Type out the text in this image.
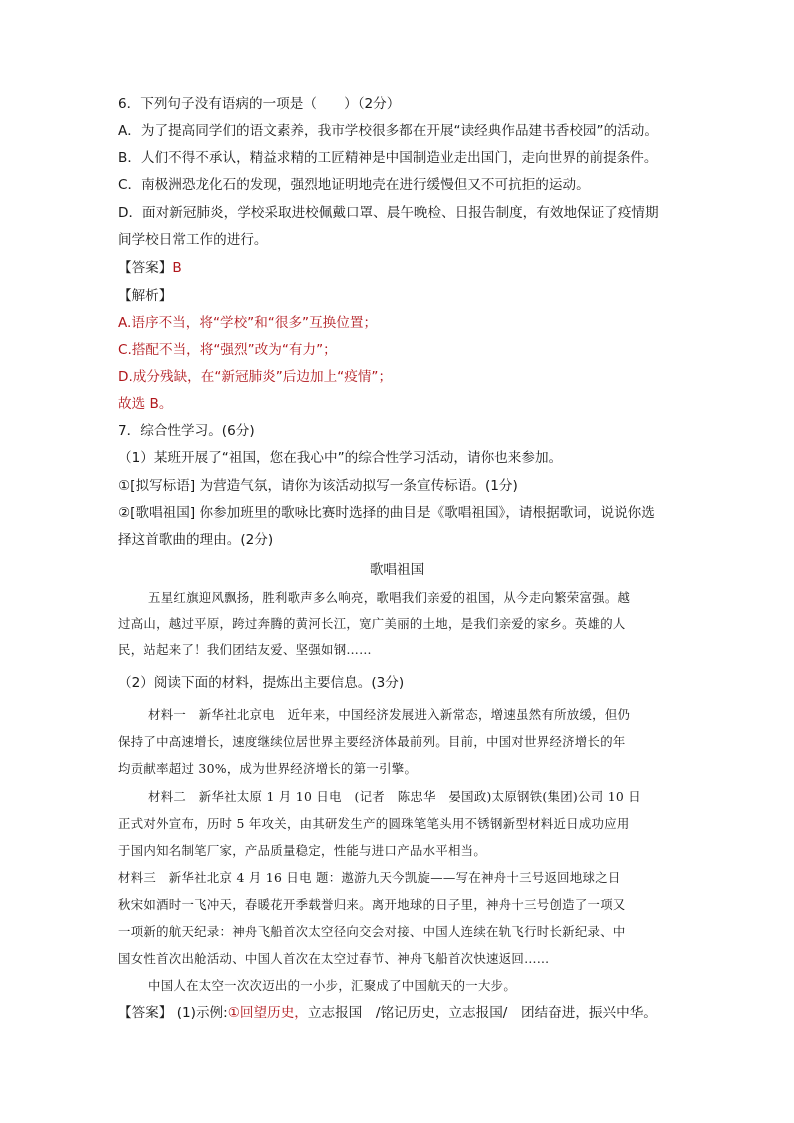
6．下列句子没有语病的一项是（　　）（2分）
A．为了提高同学们的语文素养，我市学校很多都在开展“读经典作品建书香校园”的活动。
B．人们不得不承认，精益求精的工匠精神是中国制造业走出国门，走向世界的前提条件。
C．南极洲恐龙化石的发现，强烈地证明地壳在进行缓慢但又不可抗拒的运动。
D．面对新冠肺炎，学校采取进校佩戴口罩、晨午晚检、日报告制度，有效地保证了疫情期
间学校日常工作的进行。
【答案】B
【解析】
A.语序不当，将“学校”和“很多”互换位置；
C.搭配不当，将“强烈”改为“有力”；
D.成分残缺，在“新冠肺炎”后边加上“疫情”；
故选 B。
7．综合性学习。(6分)
（1）某班开展了“祖国，您在我心中”的综合性学习活动，请你也来参加。
①[拟写标语] 为营造气氛，请你为该活动拟写一条宣传标语。(1分)
②[歌唱祖国] 你参加班里的歌咏比赛时选择的曲目是《歌唱祖国》，请根据歌词，说说你选
择这首歌曲的理由。(2分)
歌唱祖国
五星红旗迎风飘扬，胜利歌声多么响亮，歌唱我们亲爱的祖国，从今走向繁荣富强。越
过高山，越过平原，跨过奔腾的黄河长江，宽广美丽的土地，是我们亲爱的家乡。英雄的人
民，站起来了！我们团结友爱、坚强如钢……
（2）阅读下面的材料，提炼出主要信息。(3分)
材料一　新华社北京电　近年来，中国经济发展进入新常态，增速虽然有所放缓，但仍
保持了中高速增长，速度继续位居世界主要经济体最前列。目前，中国对世界经济增长的年
均贡献率超过 30%，成为世界经济增长的第一引擎。
材料二　新华社太原 1 月 10 日电　(记者　陈忠华　晏国政)太原钢铁(集团)公司 10 日
正式对外宣布，历时 5 年攻关，由其研发生产的圆珠笔笔头用不锈钢新型材料近日成功应用
于国内知名制笔厂家，产品质量稳定，性能与进口产品水平相当。
材料三　新华社北京 4 月 16 日电 题：遨游九天今凯旋——写在神舟十三号返回地球之日
秋宋如酒时一飞冲天，春暖花开季载誉归来。离开地球的日子里，神舟十三号创造了一项又
一项新的航天纪录：神舟飞船首次太空径向交会对接、中国人连续在轨飞行时长新纪录、中
国女性首次出舱活动、中国人首次在太空过春节、神舟飞船首次快速返回……
中国人在太空一次次迈出的一小步，汇聚成了中国航天的一大步。
【答案】 (1)示例:①回望历史，立志报国　/铭记历史，立志报国/　团结奋进，振兴中华。
